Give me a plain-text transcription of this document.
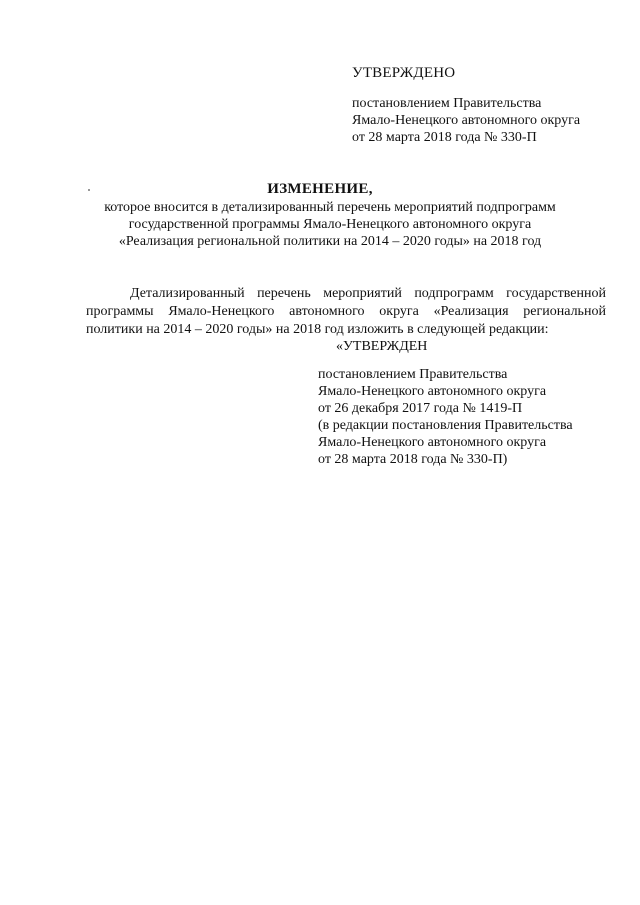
УТВЕРЖДЕНО
постановлением Правительства
Ямало-Ненецкого автономного округа
от 28 марта 2018 года № 330-П
ИЗМЕНЕНИЕ,
которое вносится в детализированный перечень мероприятий подпрограмм
государственной программы Ямало-Ненецкого автономного округа
«Реализация региональной политики на 2014 – 2020 годы» на 2018 год
Детализированный перечень мероприятий подпрограмм государственной
программы Ямало-Ненецкого автономного округа «Реализация региональной
политики на 2014 – 2020 годы» на 2018 год изложить в следующей редакции:
«УТВЕРЖДЕН
постановлением Правительства
Ямало-Ненецкого автономного округа
от 26 декабря 2017 года № 1419-П
(в редакции постановления Правительства
Ямало-Ненецкого автономного округа
от 28 марта 2018 года № 330-П)
